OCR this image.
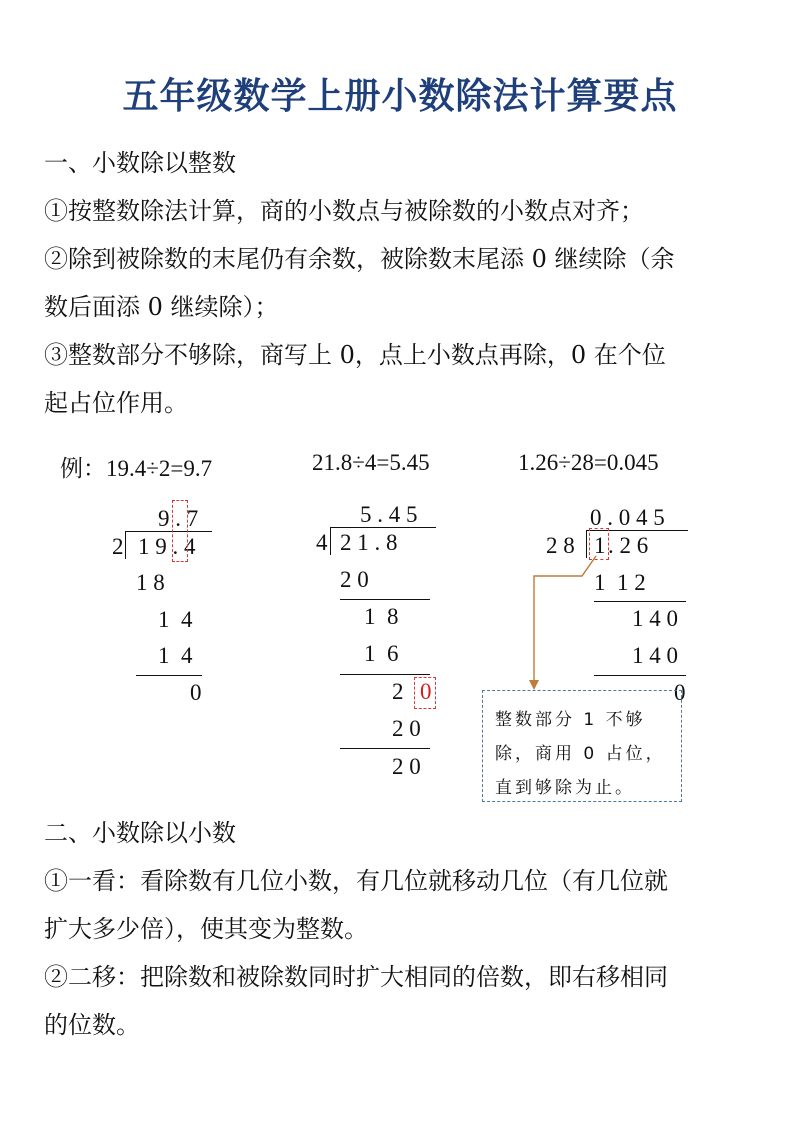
五年级数学上册小数除法计算要点
一、小数除以整数
①按整数除法计算，商的小数点与被除数的小数点对齐；
②除到被除数的末尾仍有余数，被除数末尾添 0 继续除（余
数后面添 0 继续除）；
③整数部分不够除，商写上 0，点上小数点再除，0 在个位
起占位作用。
例：19.4÷2=9.7	21.8÷4=5.45	1.26÷28=0.045
9 . 7
2 1 9 . 4
1 8
1  4
1  4
0
5 . 4 5
4 2 1 . 8
2 0
1  8
1  6
2 0
2 0
2 0
0 . 0 4 5
2 8 1 . 2 6
1  1 2
1 4 0
1 4 0
0
整数部分 1 不够
除，商用 0 占位，
直到够除为止。
二、小数除以小数
①一看：看除数有几位小数，有几位就移动几位（有几位就
扩大多少倍），使其变为整数。
②二移：把除数和被除数同时扩大相同的倍数，即右移相同
的位数。
